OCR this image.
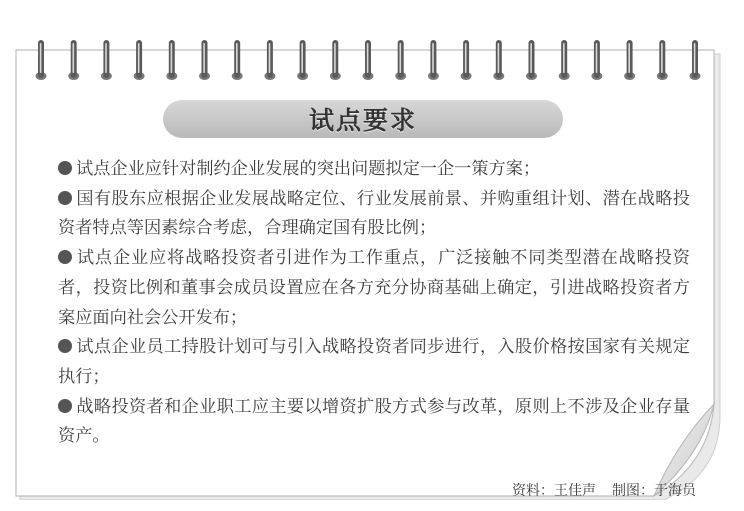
试点要求
试点企业应针对制约企业发展的突出问题拟定一企一策方案；
国有股东应根据企业发展战略定位、行业发展前景、并购重组计划、潜在战略投资者特点等因素综合考虑，合理确定国有股比例；
试点企业应将战略投资者引进作为工作重点，广泛接触不同类型潜在战略投资者，投资比例和董事会成员设置应在各方充分协商基础上确定，引进战略投资者方案应面向社会公开发布；
试点企业员工持股计划可与引入战略投资者同步进行，入股价格按国家有关规定执行；
战略投资者和企业职工应主要以增资扩股方式参与改革，原则上不涉及企业存量资产。
资料：王佳声 制图：于海员
